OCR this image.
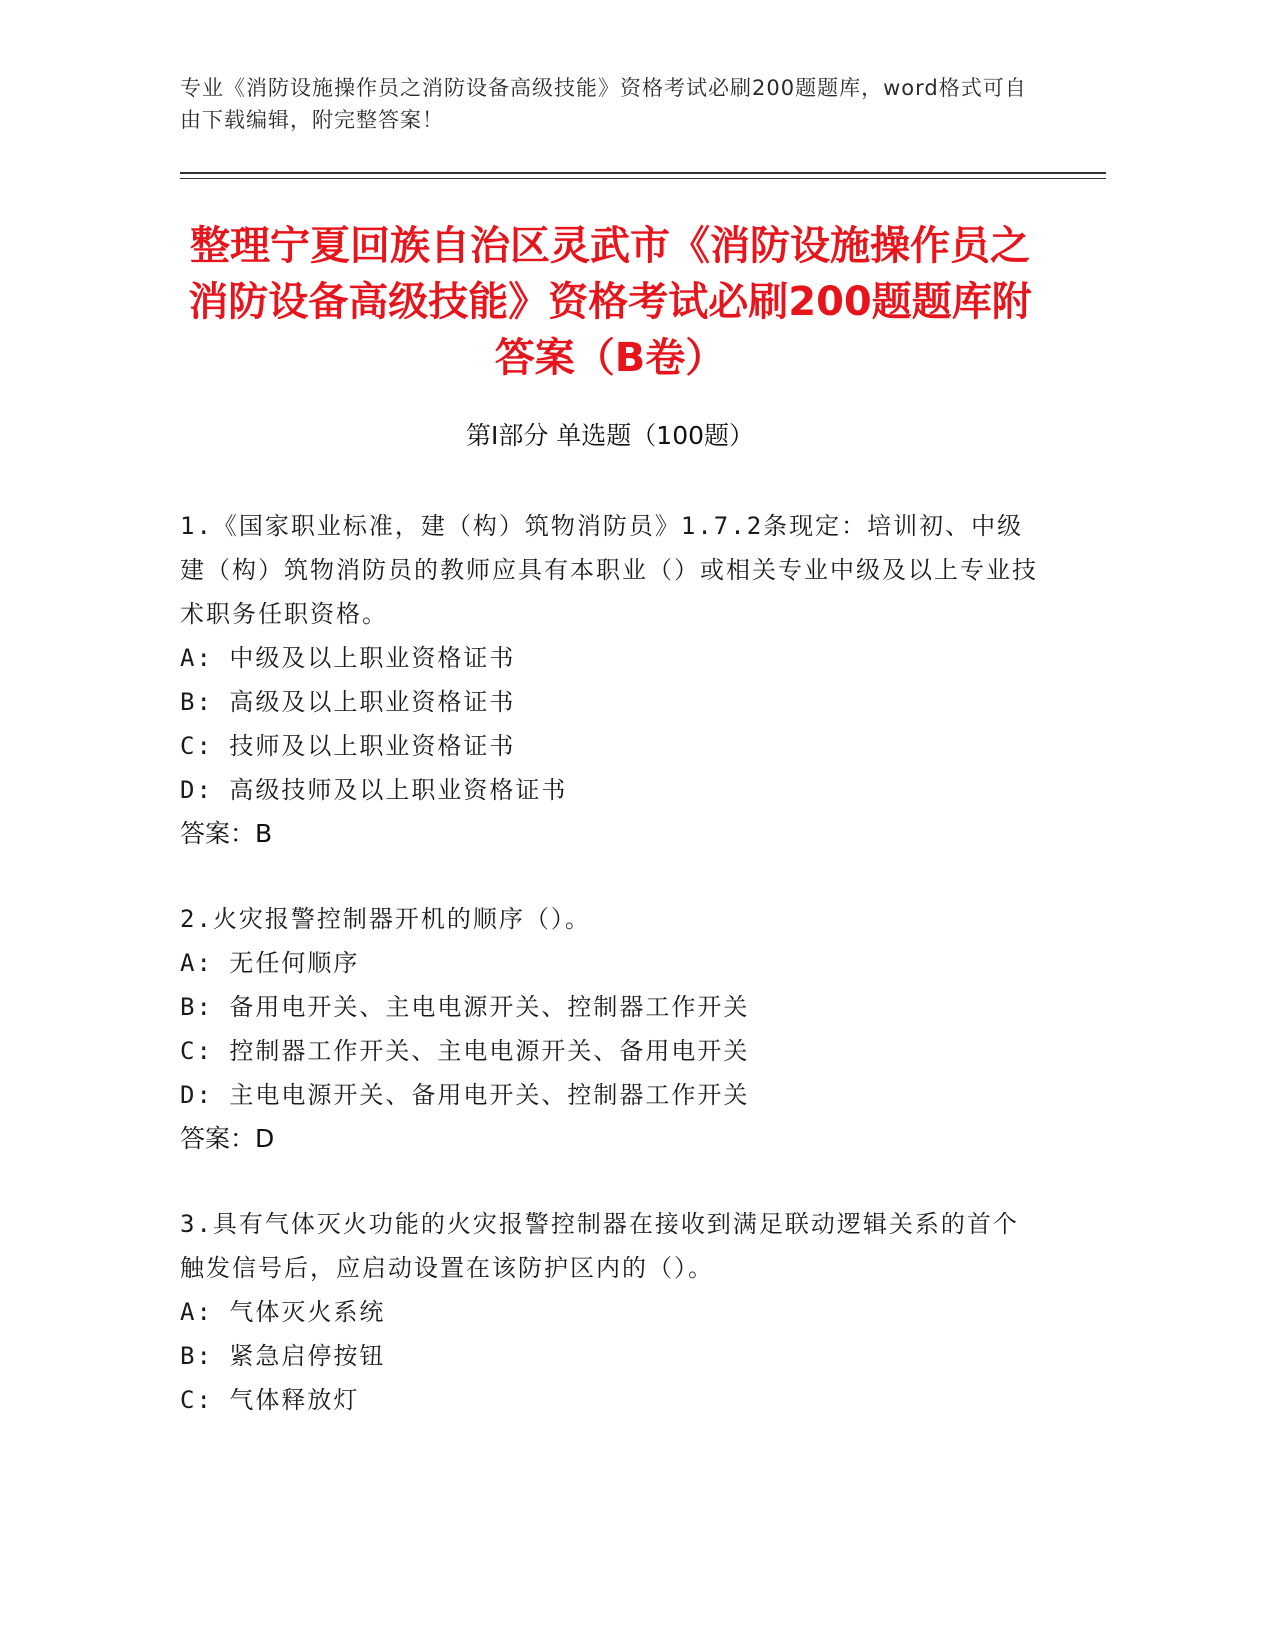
专业《消防设施操作员之消防设备高级技能》资格考试必刷200题题库，word格式可自由下载编辑，附完整答案！
整理宁夏回族自治区灵武市《消防设施操作员之消防设备高级技能》资格考试必刷200题题库附答案（B卷）
第I部分 单选题（100题）
1.《国家职业标准，建（构）筑物消防员》1.7.2条现定：培训初、中级建（构）筑物消防员的教师应具有本职业（）或相关专业中级及以上专业技术职务任职资格。
A: 中级及以上职业资格证书
B: 高级及以上职业资格证书
C: 技师及以上职业资格证书
D: 高级技师及以上职业资格证书
答案：B
2.火灾报警控制器开机的顺序（）。
A: 无任何顺序
B: 备用电开关、主电电源开关、控制器工作开关
C: 控制器工作开关、主电电源开关、备用电开关
D: 主电电源开关、备用电开关、控制器工作开关
答案：D
3.具有气体灭火功能的火灾报警控制器在接收到满足联动逻辑关系的首个触发信号后，应启动设置在该防护区内的（）。
A: 气体灭火系统
B: 紧急启停按钮
C: 气体释放灯
